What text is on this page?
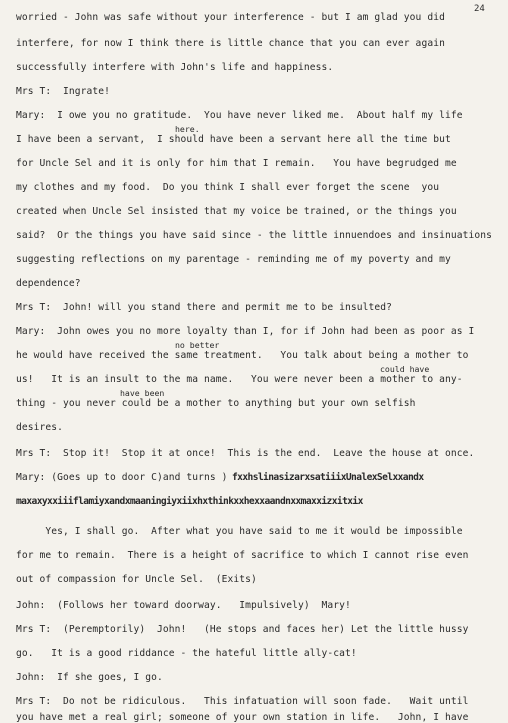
24
worried - John was safe without your interference - but I am glad you did
interfere, for now I think there is little chance that you can ever again
successfully interfere with John's life and happiness.
Mrs T:  Ingrate!
Mary:  I owe you no gratitude.  You have never liked me.  About half my life
here.
I have been a servant,  I should have been a servant here all the time but
for Uncle Sel and it is only for him that I remain.   You have begrudged me
my clothes and my food.  Do you think I shall ever forget the scene  you
created when Uncle Sel insisted that my voice be trained, or the things you
said?  Or the things you have said since - the little innuendoes and insinuations
suggesting reflections on my parentage - reminding me of my poverty and my
dependence?
Mrs T:  John! will you stand there and permit me to be insulted?
Mary:  John owes you no more loyalty than I, for if John had been as poor as I
no better
he would have received the same treatment.   You talk about being a mother to
could have
us!   It is an insult to the ma name.   You were never been a mother to any-
have been
thing - you never could be a mother to anything but your own selfish
desires.
Mrs T:  Stop it!  Stop it at once!  This is the end.  Leave the house at once.
Mary: (Goes up to door C)and turns ) fxxhslinasizarxsatiiixUnalexSelxxandx
maxaxyxxiiiflamiyxandxmaaningiyxiixhxthinkxxhexxaandnxxmaxxizxitxix
Yes, I shall go.  After what you have said to me it would be impossible
for me to remain.  There is a height of sacrifice to which I cannot rise even
out of compassion for Uncle Sel.  (Exits)
John:  (Follows her toward doorway.   Impulsively)  Mary!
Mrs T:  (Peremptorily)  John!   (He stops and faces her) Let the little hussy
go.   It is a good riddance - the hateful little ally-cat!
John:  If she goes, I go.
Mrs T:  Do not be ridiculous.   This infatuation will soon fade.   Wait until
you have met a real girl; someone of your own station in life.   John, I have
